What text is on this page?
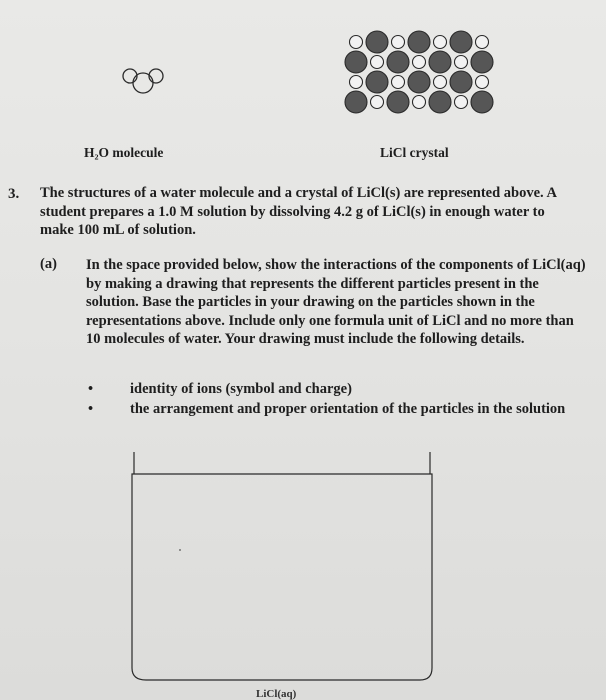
H₂O molecule	LiCl crystal
3. The structures of a water molecule and a crystal of LiCl(s) are represented above. A student prepares a 1.0 M solution by dissolving 4.2 g of LiCl(s) in enough water to make 100 mL of solution.
(a) In the space provided below, show the interactions of the components of LiCl(aq) by making a drawing that represents the different particles present in the solution. Base the particles in your drawing on the particles shown in the representations above. Include only one formula unit of LiCl and no more than 10 molecules of water. Your drawing must include the following details.
•	identity of ions (symbol and charge)
•	the arrangement and proper orientation of the particles in the solution
LiCl(aq)
